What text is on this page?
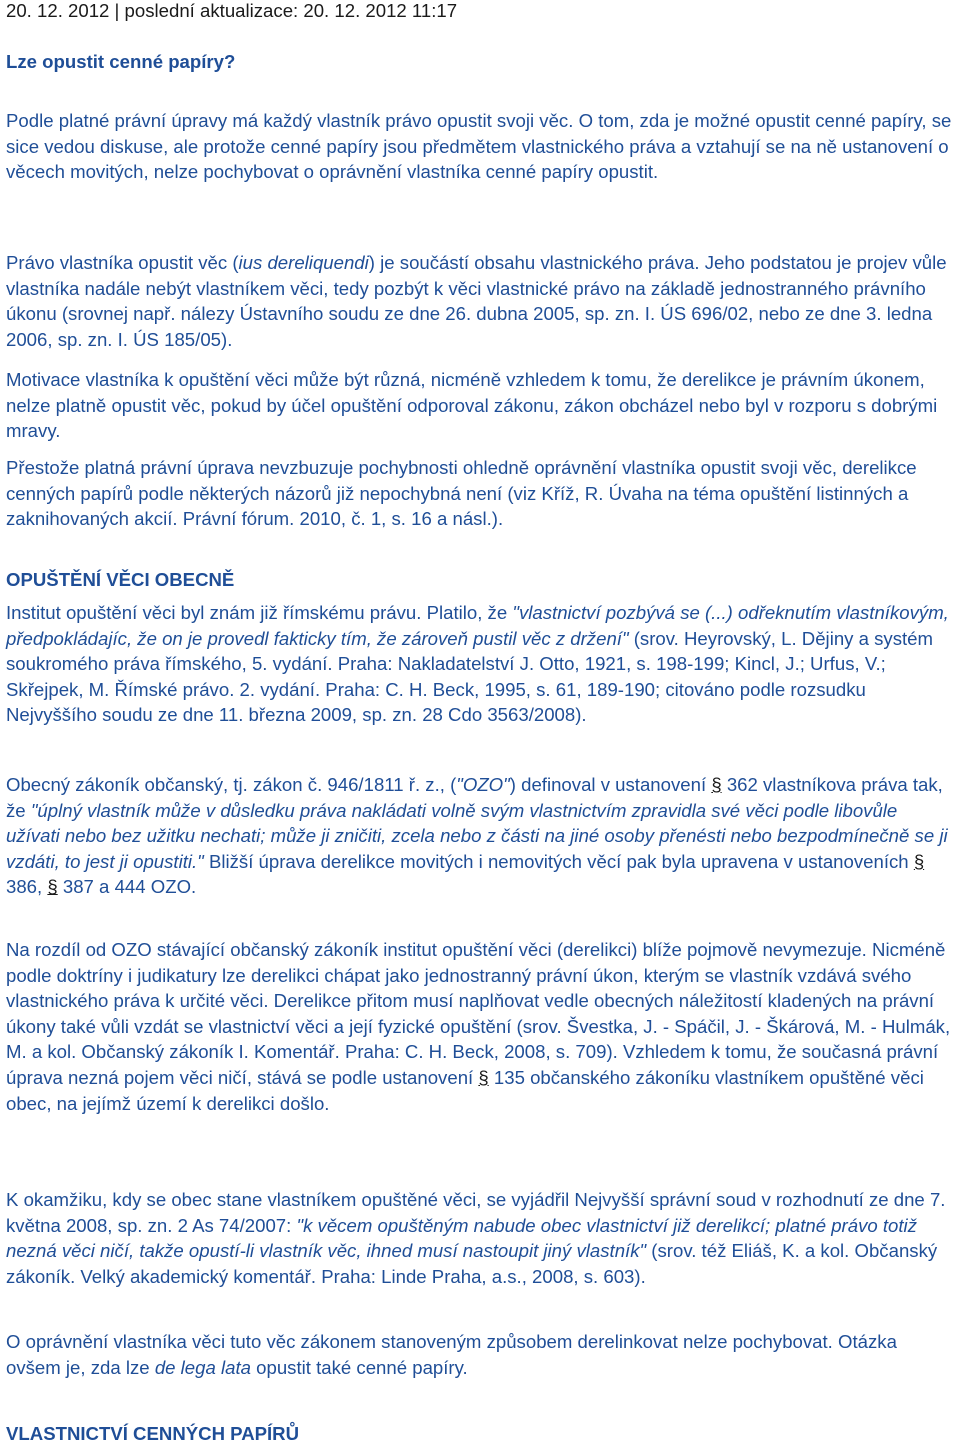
20. 12. 2012 | poslední aktualizace: 20. 12. 2012 11:17
Lze opustit cenné papíry?

Podle platné právní úpravy má každý vlastník právo opustit svoji věc. O tom, zda je možné opustit cenné papíry, se sice vedou diskuse, ale protože cenné papíry jsou předmětem vlastnického práva a vztahují se na ně ustanovení o věcech movitých, nelze pochybovat o oprávnění vlastníka cenné papíry opustit.

Právo vlastníka opustit věc (ius dereliquendi) je součástí obsahu vlastnického práva. Jeho podstatou je projev vůle vlastníka nadále nebýt vlastníkem věci, tedy pozbýt k věci vlastnické právo na základě jednostranného právního úkonu (srovnej např. nálezy Ústavního soudu ze dne 26. dubna 2005, sp. zn. I. ÚS 696/02, nebo ze dne 3. ledna 2006, sp. zn. I. ÚS 185/05).

Motivace vlastníka k opuštění věci může být různá, nicméně vzhledem k tomu, že derelikce je právním úkonem, nelze platně opustit věc, pokud by účel opuštění odporoval zákonu, zákon obcházel nebo byl v rozporu s dobrými mravy.

Přestože platná právní úprava nevzbuzuje pochybnosti ohledně oprávnění vlastníka opustit svoji věc, derelikce cenných papírů podle některých názorů již nepochybná není (viz Kříž, R. Úvaha na téma opuštění listinných a zaknihovaných akcií. Právní fórum. 2010, č. 1, s. 16 a násl.).

OPUŠTĚNÍ VĚCI OBECNĚ

Institut opuštění věci byl znám již římskému právu. Platilo, že "vlastnictví pozbývá se (...) odřeknutím vlastníkovým, předpokládajíc, že on je provedl fakticky tím, že zároveň pustil věc z držení" (srov. Heyrovský, L. Dějiny a systém soukromého práva římského, 5. vydání. Praha: Nakladatelství J. Otto, 1921, s. 198-199; Kincl, J.; Urfus, V.; Skřejpek, M. Římské právo. 2. vydání. Praha: C. H. Beck, 1995, s. 61, 189-190; citováno podle rozsudku Nejvyššího soudu ze dne 11. března 2009, sp. zn. 28 Cdo 3563/2008).

Obecný zákoník občanský, tj. zákon č. 946/1811 ř. z., ("OZO") definoval v ustanovení § 362 vlastníkova práva tak, že "úplný vlastník může v důsledku práva nakládati volně svým vlastnictvím zpravidla své věci podle libovůle užívati nebo bez užitku nechati; může ji zničiti, zcela nebo z části na jiné osoby přenésti nebo bezpodmínečně se ji vzdáti, to jest ji opustiti." Bližší úprava derelikce movitých i nemovitých věcí pak byla upravena v ustanoveních § 386, § 387 a 444 OZO.

Na rozdíl od OZO stávající občanský zákoník institut opuštění věci (derelikci) blíže pojmově nevymezuje. Nicméně podle doktríny i judikatury lze derelikci chápat jako jednostranný právní úkon, kterým se vlastník vzdává svého vlastnického práva k určité věci. Derelikce přitom musí naplňovat vedle obecných náležitostí kladených na právní úkony také vůli vzdát se vlastnictví věci a její fyzické opuštění (srov. Švestka, J. - Spáčil, J. - Škárová, M. - Hulmák, M. a kol. Občanský zákoník I. Komentář. Praha: C. H. Beck, 2008, s. 709). Vzhledem k tomu, že současná právní úprava nezná pojem věci ničí, stává se podle ustanovení § 135 občanského zákoníku vlastníkem opuštěné věci obec, na jejímž území k derelikci došlo.

K okamžiku, kdy se obec stane vlastníkem opuštěné věci, se vyjádřil Nejvyšší správní soud v rozhodnutí ze dne 7. května 2008, sp. zn. 2 As 74/2007: "k věcem opuštěným nabude obec vlastnictví již derelikcí; platné právo totiž nezná věci ničí, takže opustí-li vlastník věc, ihned musí nastoupit jiný vlastník" (srov. též Eliáš, K. a kol. Občanský zákoník. Velký akademický komentář. Praha: Linde Praha, a.s., 2008, s. 603).

O oprávnění vlastníka věci tuto věc zákonem stanoveným způsobem derelinkovat nelze pochybovat. Otázka ovšem je, zda lze de lega lata opustit také cenné papíry.

VLASTNICTVÍ CENNÝCH PAPÍRŮ
